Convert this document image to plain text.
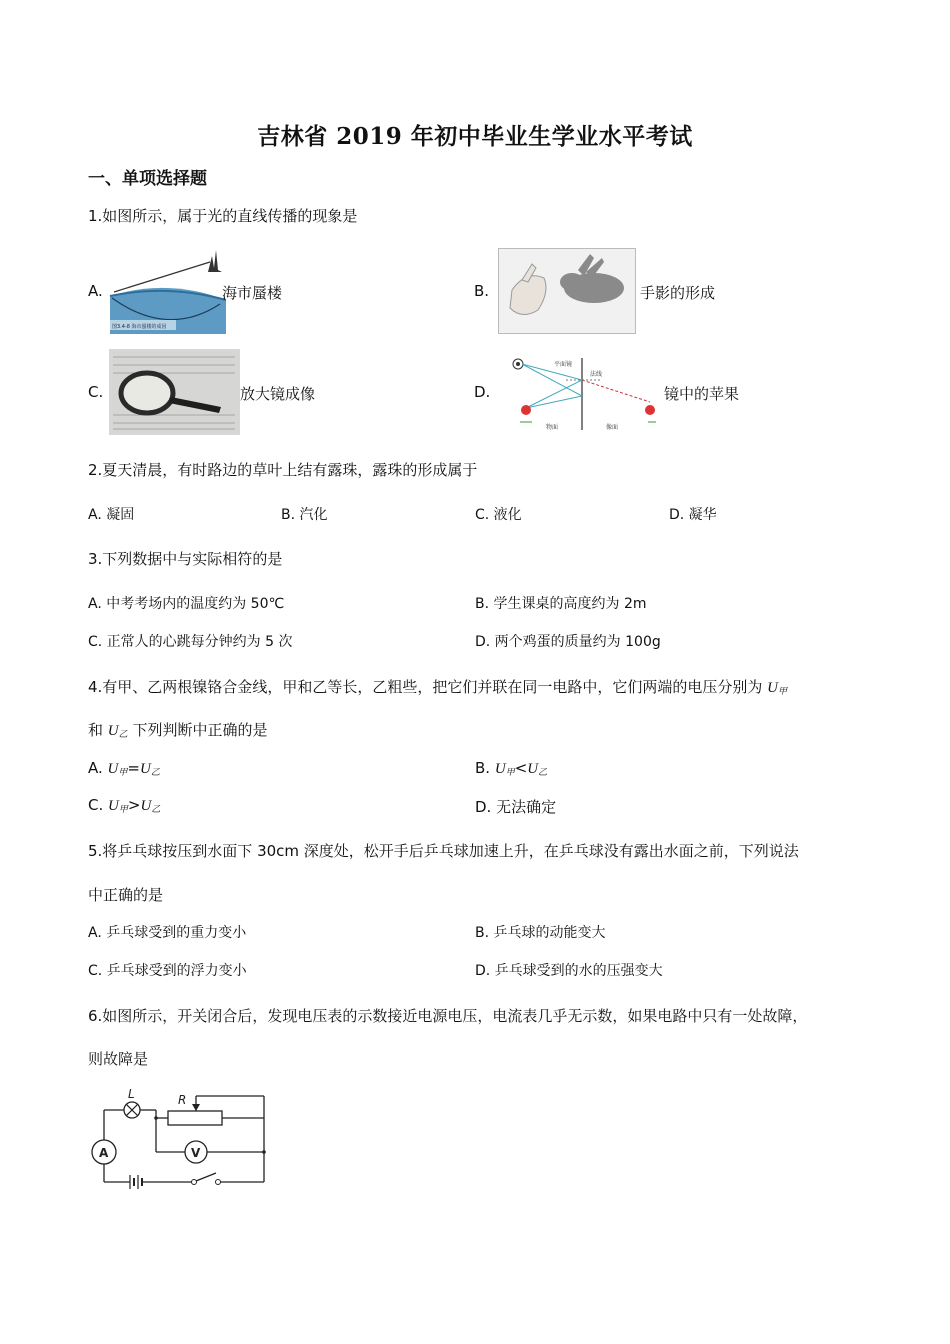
吉林省 2019 年初中毕业生学业水平考试
一、单项选择题
1.如图所示，属于光的直线传播的现象是
A.
图3.4-8 海市蜃楼的成因
海市蜃楼	B.	手影的形成
C.	放大镜成像	D.
平面镜
法线
物面	像面
镜中的苹果
2.夏天清晨，有时路边的草叶上结有露珠，露珠的形成属于
A. 凝固	B. 汽化	C. 液化	D. 凝华
3.下列数据中与实际相符的是
A. 中考考场内的温度约为 50℃	B. 学生课桌的高度约为 2m
C. 正常人的心跳每分钟约为 5 次	D. 两个鸡蛋的质量约为 100g
4.有甲、乙两根镍铬合金线，甲和乙等长，乙粗些，把它们并联在同一电路中，它们两端的电压分别为 $U_甲$
和 $U_乙$ 下列判断中正确的是
A. $U_甲=U_乙$	B. $U_甲<U_乙$
C. $U_甲>U_乙$	D. 无法确定
5.将乒乓球按压到水面下 30cm 深度处，松开手后乒乓球加速上升，在乒乓球没有露出水面之前，下列说法
中正确的是
A. 乒乓球受到的重力变小	B. 乒乓球的动能变大
C. 乒乓球受到的浮力变小	D. 乒乓球受到的水的压强变大
6.如图所示，开关闭合后，发现电压表的示数接近电源电压，电流表几乎无示数，如果电路中只有一处故障，
则故障是
L	R
A	V
